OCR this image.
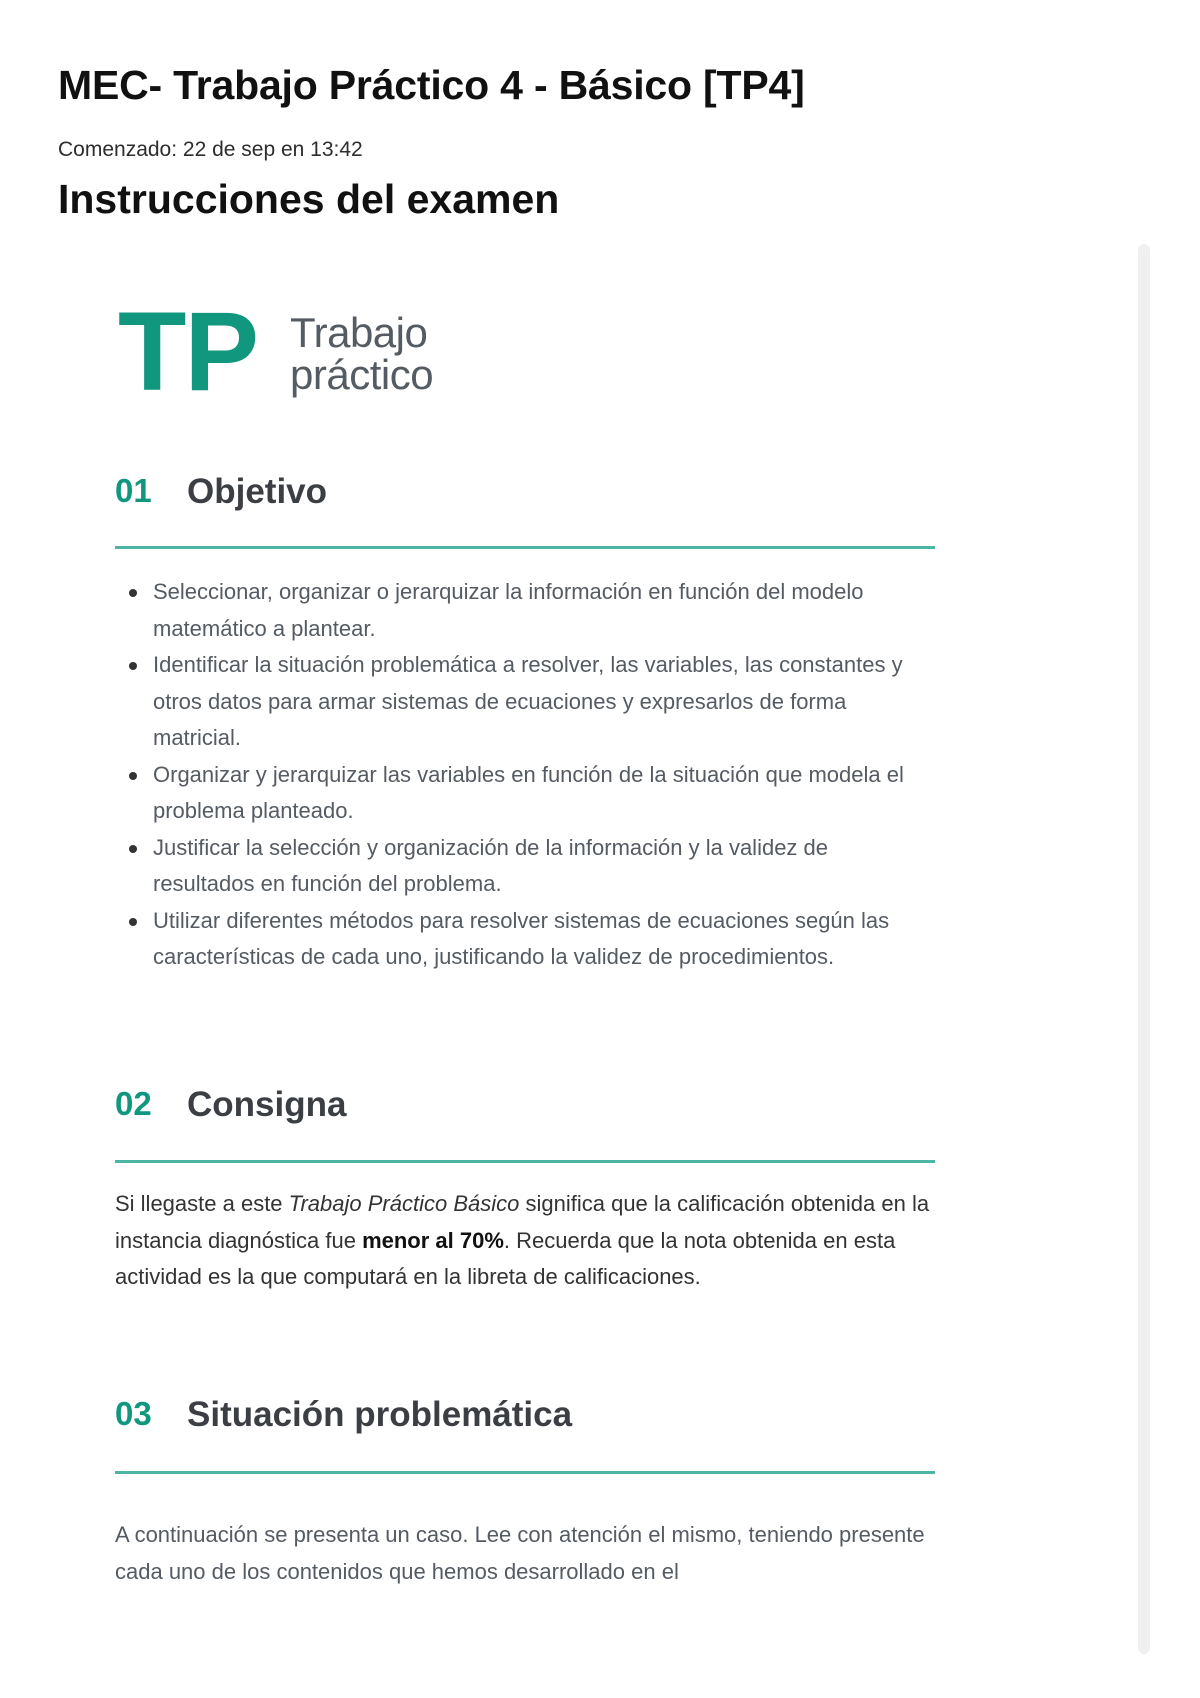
MEC- Trabajo Práctico 4 - Básico [TP4]
Comenzado: 22 de sep en 13:42
Instrucciones del examen
TP Trabajo
práctico
01 Objetivo
Seleccionar, organizar o jerarquizar la información en función del modelo matemático a plantear.
Identificar la situación problemática a resolver, las variables, las constantes y otros datos para armar sistemas de ecuaciones y expresarlos de forma matricial.
Organizar y jerarquizar las variables en función de la situación que modela el problema planteado.
Justificar la selección y organización de la información y la validez de resultados en función del problema.
Utilizar diferentes métodos para resolver sistemas de ecuaciones según las características de cada uno, justificando la validez de procedimientos.
02 Consigna
Si llegaste a este Trabajo Práctico Básico significa que la calificación obtenida en la instancia diagnóstica fue menor al 70%. Recuerda que la nota obtenida en esta actividad es la que computará en la libreta de calificaciones.
03 Situación problemática
A continuación se presenta un caso. Lee con atención el mismo, teniendo presente cada uno de los contenidos que hemos desarrollado en el
